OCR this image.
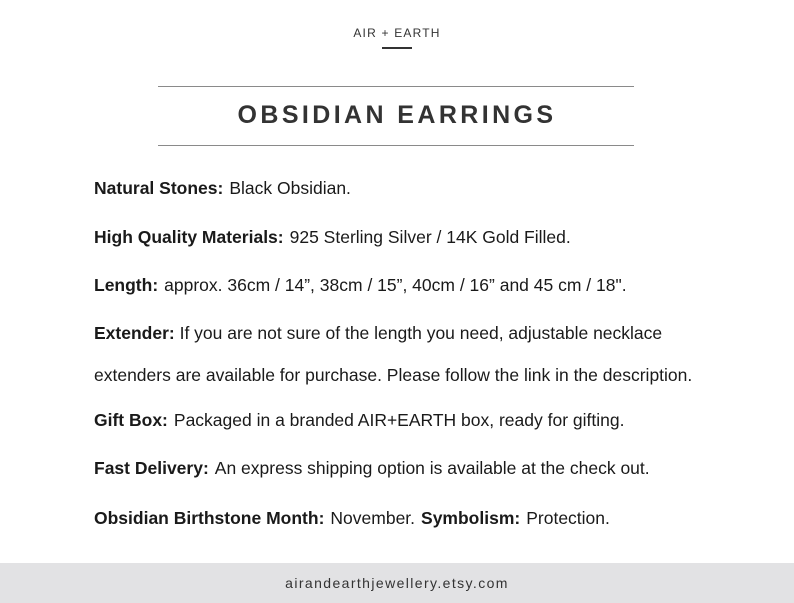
AIR + EARTH
OBSIDIAN EARRINGS
Natural Stones: Black Obsidian.
High Quality Materials: 925 Sterling Silver / 14K Gold Filled.
Length: approx. 36cm / 14”, 38cm / 15”, 40cm / 16” and 45 cm / 18".
Extender: If you are not sure of the length you need, adjustable necklace
extenders are available for purchase. Please follow the link in the description.
Gift Box: Packaged in a branded AIR+EARTH box, ready for gifting.
Fast Delivery: An express shipping option is available at the check out.
Obsidian Birthstone Month: November. Symbolism: Protection.
airandearthjewellery.etsy.com
